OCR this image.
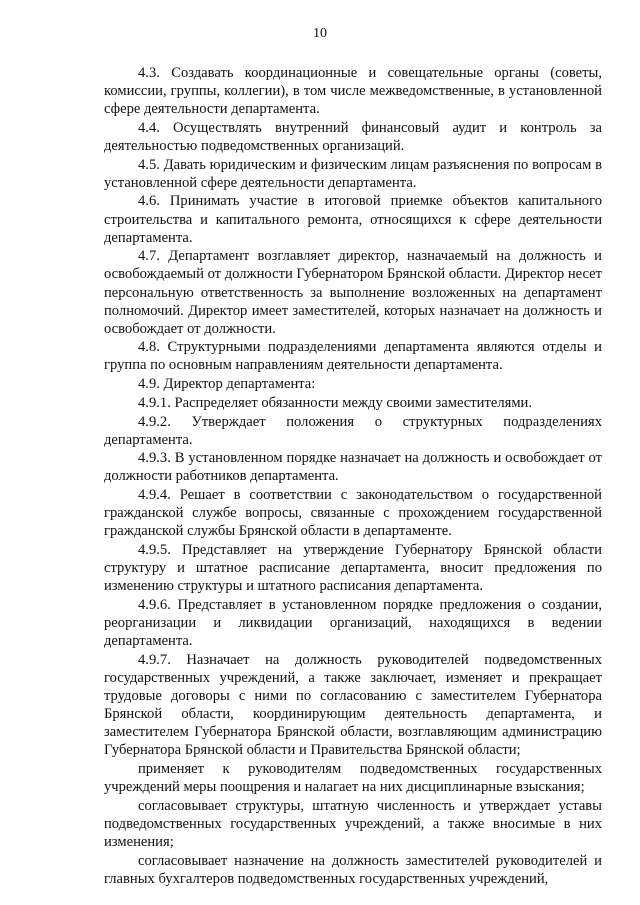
10

4.3. Создавать координационные и совещательные органы (советы, комиссии, группы, коллегии), в том числе межведомственные, в установленной сфере деятельности департамента.

4.4. Осуществлять внутренний финансовый аудит и контроль за деятельностью подведомственных организаций.

4.5. Давать юридическим и физическим лицам разъяснения по вопросам в установленной сфере деятельности департамента.

4.6. Принимать участие в итоговой приемке объектов капитального строительства и капитального ремонта, относящихся к сфере деятельности департамента.

4.7. Департамент возглавляет директор, назначаемый на должность и освобождаемый от должности Губернатором Брянской области. Директор несет персональную ответственность за выполнение возложенных на департамент полномочий. Директор имеет заместителей, которых назначает на должность и освобождает от должности.

4.8. Структурными подразделениями департамента являются отделы и группа по основным направлениям деятельности департамента.

4.9. Директор департамента:

4.9.1. Распределяет обязанности между своими заместителями.

4.9.2. Утверждает положения о структурных подразделениях департамента.

4.9.3. В установленном порядке назначает на должность и освобождает от должности работников департамента.

4.9.4. Решает в соответствии с законодательством о государственной гражданской службе вопросы, связанные с прохождением государственной гражданской службы Брянской области в департаменте.

4.9.5. Представляет на утверждение Губернатору Брянской области структуру и штатное расписание департамента, вносит предложения по изменению структуры и штатного расписания департамента.

4.9.6. Представляет в установленном порядке предложения о создании, реорганизации и ликвидации организаций, находящихся в ведении департамента.

4.9.7. Назначает на должность руководителей подведомственных государственных учреждений, а также заключает, изменяет и прекращает трудовые договоры с ними по согласованию с заместителем Губернатора Брянской области, координирующим деятельность департамента, и заместителем Губернатора Брянской области, возглавляющим администрацию Губернатора Брянской области и Правительства Брянской области;

применяет к руководителям подведомственных государственных учреждений меры поощрения и налагает на них дисциплинарные взыскания;

согласовывает структуры, штатную численность и утверждает уставы подведомственных государственных учреждений, а также вносимые в них изменения;

согласовывает назначение на должность заместителей руководителей и главных бухгалтеров подведомственных государственных учреждений,
